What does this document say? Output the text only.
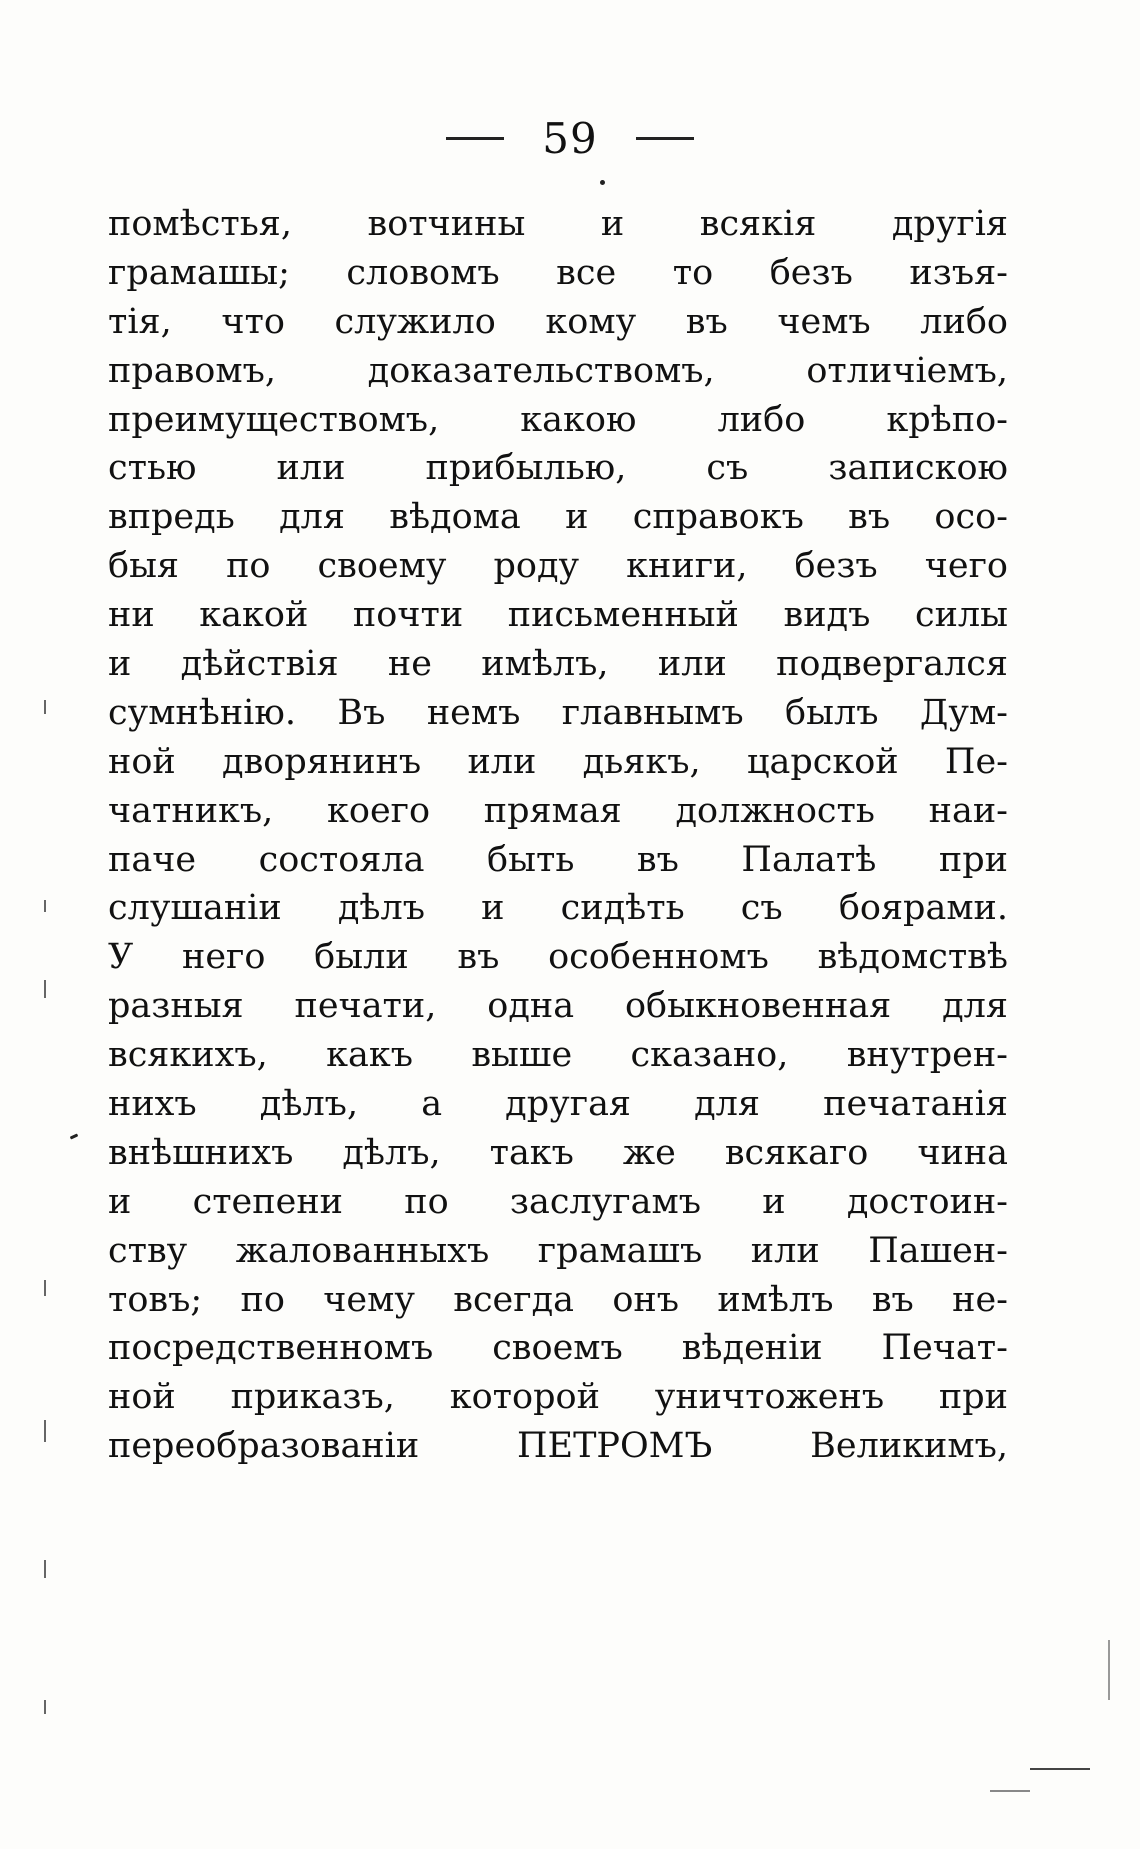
59
помѣстья, вотчины и всякія другія
грамашы; словомъ все то безъ изъя-
тія, что служило кому въ чемъ либо
правомъ, доказательствомъ, отличіемъ,
преимуществомъ, какою либо крѣпо-
стью или прибылью, съ запискою
впредь для вѣдома и справокъ въ осо-
быя по своему роду книги, безъ чего
ни какой почти письменный видъ силы
и дѣйствія не имѣлъ, или подвергался
сумнѣнію. Въ немъ главнымъ былъ Дум-
ной дворянинъ или дьякъ, царской Пе-
чатникъ, коего прямая должность наи-
паче состояла быть въ Палатѣ при
слушаніи дѣлъ и сидѣть съ боярами.
У него были въ особенномъ вѣдомствѣ
разныя печати, одна обыкновенная для
всякихъ, какъ выше сказано, внутрен-
нихъ дѣлъ, а другая для печатанія
внѣшнихъ дѣлъ, такъ же всякаго чина
и степени по заслугамъ и достоин-
ству жалованныхъ грамашъ или Пашен-
товъ; по чему всегда онъ имѣлъ въ не-
посредственномъ своемъ вѣденіи Печат-
ной приказъ, которой уничтоженъ при
переобразованіи ПЕТРОМЪ Великимъ,
